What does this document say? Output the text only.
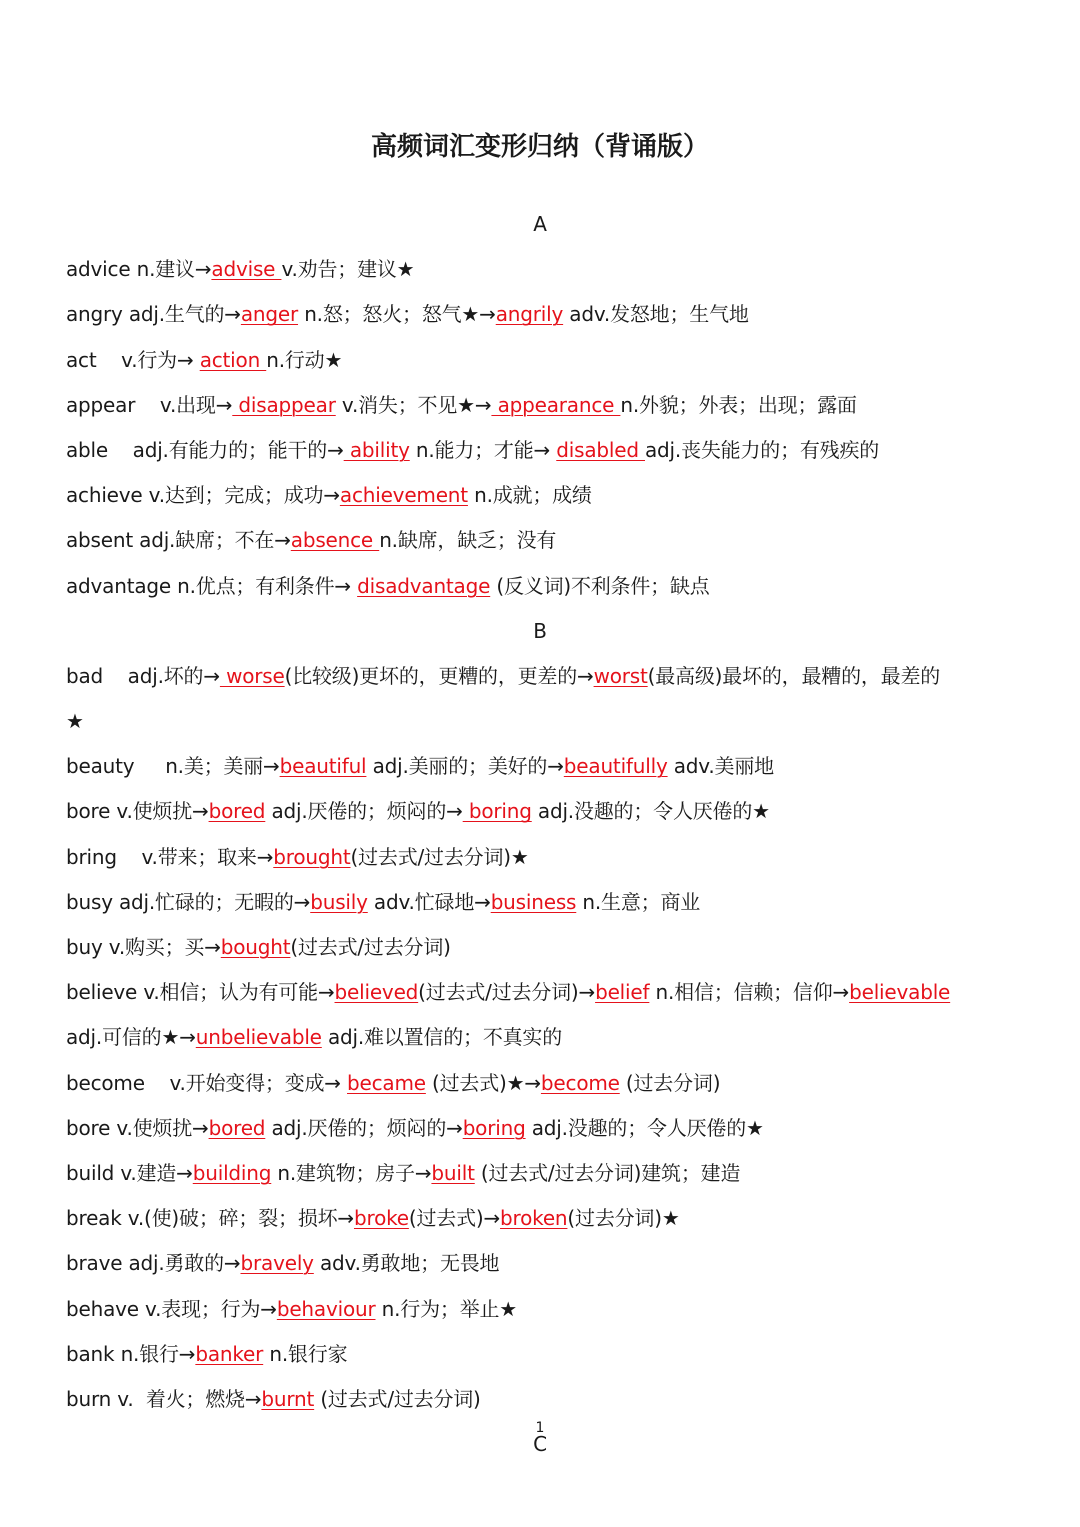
高频词汇变形归纳（背诵版）
A
advice n.建议→advise v.劝告；建议★
angry adj.生气的→anger n.怒；怒火；怒气★→angrily adv.发怒地；生气地
act    v.行为→ action n.行动★
appear    v.出现→ disappear v.消失；不见★→ appearance n.外貌；外表；出现；露面
able    adj.有能力的；能干的→ ability n.能力；才能→ disabled adj.丧失能力的；有残疾的
achieve v.达到；完成；成功→achievement n.成就；成绩
absent adj.缺席；不在→absence n.缺席，缺乏；没有
advantage n.优点；有利条件→ disadvantage (反义词)不利条件；缺点
B
bad    adj.坏的→ worse(比较级)更坏的，更糟的，更差的→worst(最高级)最坏的，最糟的，最差的
★
beauty     n.美；美丽→beautiful adj.美丽的；美好的→beautifully adv.美丽地
bore v.使烦扰→bored adj.厌倦的；烦闷的→ boring adj.没趣的；令人厌倦的★
bring    v.带来；取来→brought(过去式/过去分词)★
busy adj.忙碌的；无暇的→busily adv.忙碌地→business n.生意；商业
buy v.购买；买→bought(过去式/过去分词)
believe v.相信；认为有可能→believed(过去式/过去分词)→belief n.相信；信赖；信仰→believable
adj.可信的★→unbelievable adj.难以置信的；不真实的
become    v.开始变得；变成→ became (过去式)★→become (过去分词)
bore v.使烦扰→bored adj.厌倦的；烦闷的→boring adj.没趣的；令人厌倦的★
build v.建造→building n.建筑物；房子→built (过去式/过去分词)建筑；建造
break v.(使)破；碎；裂；损坏→broke(过去式)→broken(过去分词)★
brave adj.勇敢的→bravely adv.勇敢地；无畏地
behave v.表现；行为→behaviour n.行为；举止★
bank n.银行→banker n.银行家
burn v.  着火；燃烧→burnt (过去式/过去分词)
C
1
